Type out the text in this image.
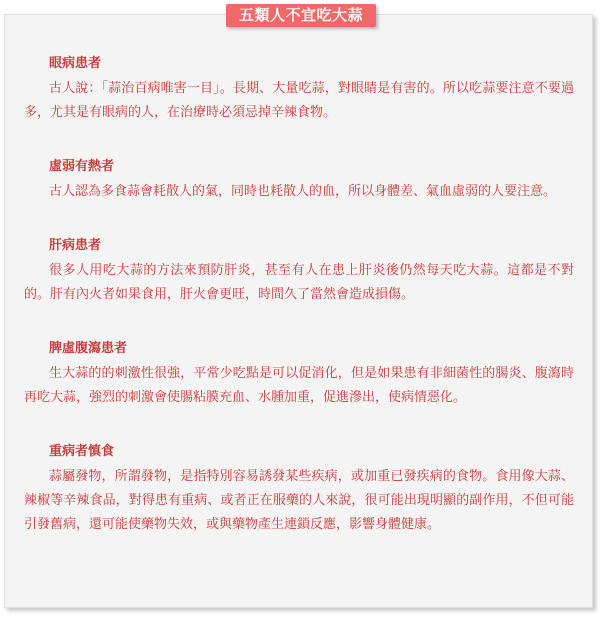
五類人不宜吃大蒜
眼病患者

古人說：「蒜治百病唯害一目」。長期、大量吃蒜，對眼睛是有害的。所以吃蒜要注意不要過多，尤其是有眼病的人，在治療時必須忌掉辛辣食物。

虛弱有熱者

古人認為多食蒜會耗散人的氣，同時也耗散人的血，所以身體差、氣血虛弱的人要注意。

肝病患者

很多人用吃大蒜的方法來預防肝炎，甚至有人在患上肝炎後仍然每天吃大蒜。這都是不對的。肝有內火者如果食用，肝火會更旺，時間久了當然會造成損傷。

脾虛腹瀉患者

生大蒜的的刺激性很強，平常少吃點是可以促消化，但是如果患有非細菌性的腸炎、腹瀉時再吃大蒜，強烈的刺激會使腸粘膜充血、水腫加重，促進滲出，使病情惡化。

重病者慎食

蒜屬發物，所謂發物，是指特別容易誘發某些疾病，或加重已發疾病的食物。食用像大蒜、辣椒等辛辣食品，對得患有重病、或者正在服藥的人來說，很可能出現明顯的副作用，不但可能引發舊病，還可能使藥物失效，或與藥物產生連鎖反應，影響身體健康。
